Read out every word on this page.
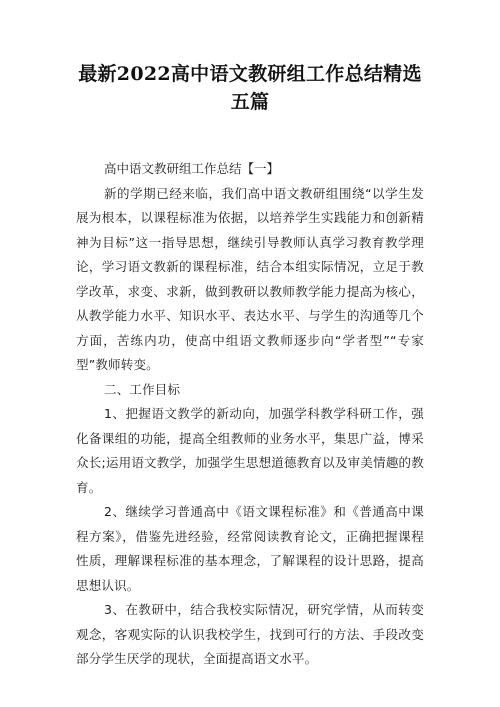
最新2022高中语文教研组工作总结精选五篇

高中语文教研组工作总结【一】

新的学期已经来临，我们高中语文教研组围绕“以学生发展为根本，以课程标准为依据，以培养学生实践能力和创新精神为目标”这一指导思想，继续引导教师认真学习教育教学理论，学习语文教新的课程标准，结合本组实际情况，立足于教学改革，求变、求新，做到教研以教师教学能力提高为核心，从教学能力水平、知识水平、表达水平、与学生的沟通等几个方面，苦练内功，使高中组语文教师逐步向“学者型”“专家型”教师转变。

二、工作目标

1、把握语文教学的新动向，加强学科教学科研工作，强化备课组的功能，提高全组教师的业务水平，集思广益，博采众长;运用语文教学，加强学生思想道德教育以及审美情趣的教育。

2、继续学习普通高中《语文课程标准》和《普通高中课程方案》，借鉴先进经验，经常阅读教育论文，正确把握课程性质，理解课程标准的基本理念，了解课程的设计思路，提高思想认识。

3、在教研中，结合我校实际情况，研究学情，从而转变观念，客观实际的认识我校学生，找到可行的方法、手段改变部分学生厌学的现状，全面提高语文水平。
